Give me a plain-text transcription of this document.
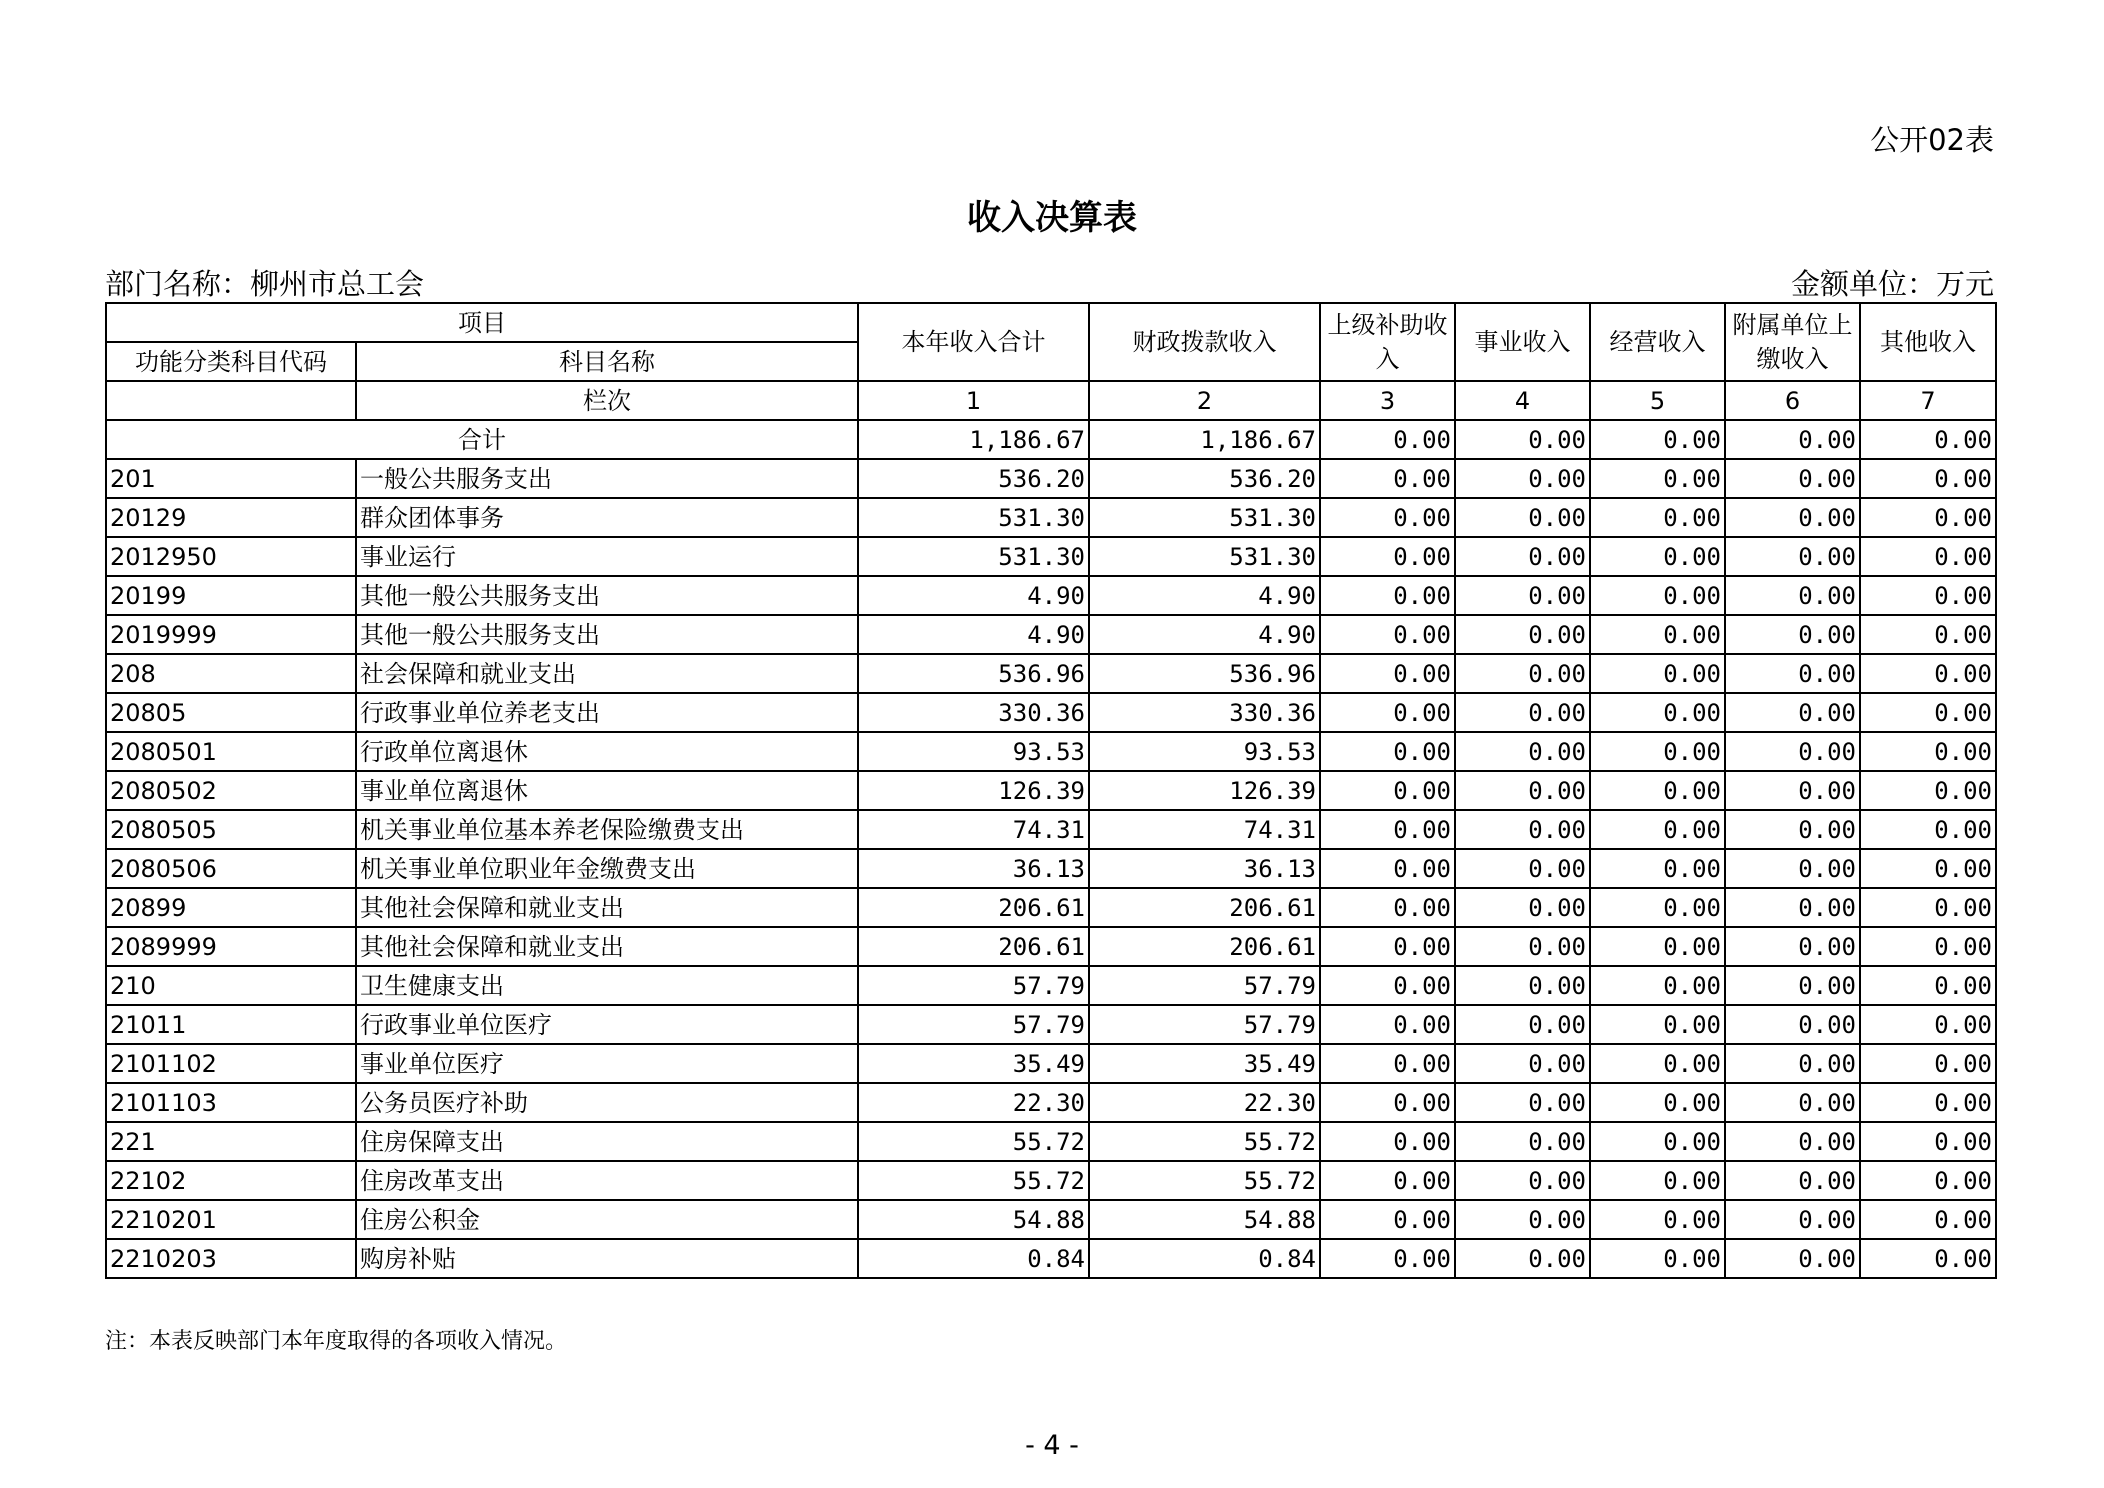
公开02表
收入决算表
部门名称：柳州市总工会	金额单位：万元
项目		本年收入合计	财政拨款收入	上级补助收入	事业收入	经营收入	附属单位上缴收入	其他收入
功能分类科目代码	科目名称							
	栏次	1	2	3	4	5	6	7
合计		1,186.67	1,186.67	0.00	0.00	0.00	0.00	0.00
201	一般公共服务支出	536.20	536.20	0.00	0.00	0.00	0.00	0.00
20129	群众团体事务	531.30	531.30	0.00	0.00	0.00	0.00	0.00
2012950	事业运行	531.30	531.30	0.00	0.00	0.00	0.00	0.00
20199	其他一般公共服务支出	4.90	4.90	0.00	0.00	0.00	0.00	0.00
2019999	其他一般公共服务支出	4.90	4.90	0.00	0.00	0.00	0.00	0.00
208	社会保障和就业支出	536.96	536.96	0.00	0.00	0.00	0.00	0.00
20805	行政事业单位养老支出	330.36	330.36	0.00	0.00	0.00	0.00	0.00
2080501	行政单位离退休	93.53	93.53	0.00	0.00	0.00	0.00	0.00
2080502	事业单位离退休	126.39	126.39	0.00	0.00	0.00	0.00	0.00
2080505	机关事业单位基本养老保险缴费支出	74.31	74.31	0.00	0.00	0.00	0.00	0.00
2080506	机关事业单位职业年金缴费支出	36.13	36.13	0.00	0.00	0.00	0.00	0.00
20899	其他社会保障和就业支出	206.61	206.61	0.00	0.00	0.00	0.00	0.00
2089999	其他社会保障和就业支出	206.61	206.61	0.00	0.00	0.00	0.00	0.00
210	卫生健康支出	57.79	57.79	0.00	0.00	0.00	0.00	0.00
21011	行政事业单位医疗	57.79	57.79	0.00	0.00	0.00	0.00	0.00
2101102	事业单位医疗	35.49	35.49	0.00	0.00	0.00	0.00	0.00
2101103	公务员医疗补助	22.30	22.30	0.00	0.00	0.00	0.00	0.00
221	住房保障支出	55.72	55.72	0.00	0.00	0.00	0.00	0.00
22102	住房改革支出	55.72	55.72	0.00	0.00	0.00	0.00	0.00
2210201	住房公积金	54.88	54.88	0.00	0.00	0.00	0.00	0.00
2210203	购房补贴	0.84	0.84	0.00	0.00	0.00	0.00	0.00
注：本表反映部门本年度取得的各项收入情况。
- 4 -
